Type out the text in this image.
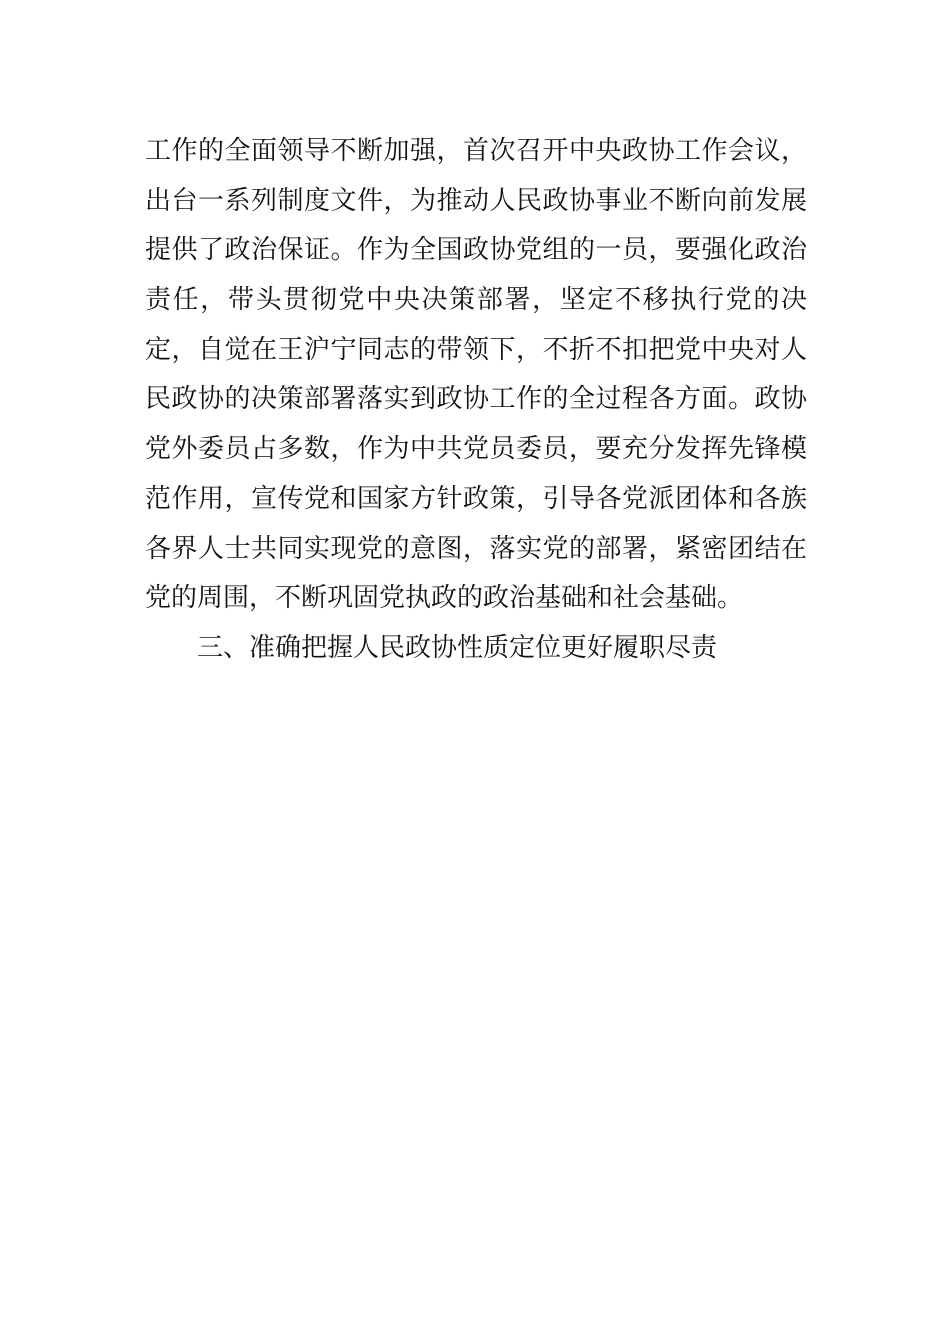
工作的全面领导不断加强，首次召开中央政协工作会议，
出台一系列制度文件，为推动人民政协事业不断向前发展
提供了政治保证。作为全国政协党组的一员，要强化政治
责任，带头贯彻党中央决策部署，坚定不移执行党的决
定，自觉在王沪宁同志的带领下，不折不扣把党中央对人
民政协的决策部署落实到政协工作的全过程各方面。政协
党外委员占多数，作为中共党员委员，要充分发挥先锋模
范作用，宣传党和国家方针政策，引导各党派团体和各族
各界人士共同实现党的意图，落实党的部署，紧密团结在
党的周围，不断巩固党执政的政治基础和社会基础。
三、准确把握人民政协性质定位更好履职尽责
